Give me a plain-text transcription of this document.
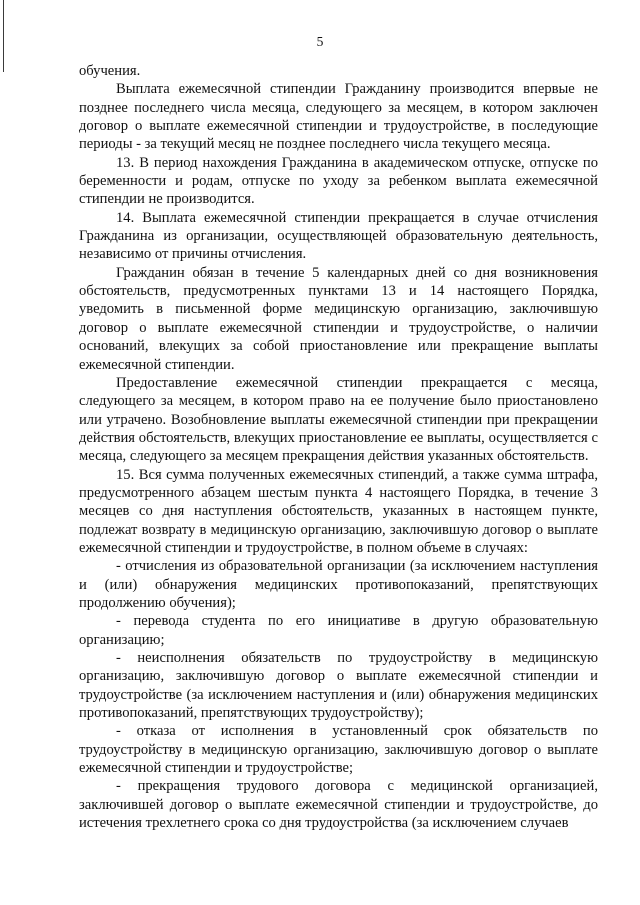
5

обучения.

Выплата ежемесячной стипендии Гражданину производится впервые не позднее последнего числа месяца, следующего за месяцем, в котором заключен договор о выплате ежемесячной стипендии и трудоустройстве, в последующие периоды - за текущий месяц не позднее последнего числа текущего месяца.

13. В период нахождения Гражданина в академическом отпуске, отпуске по беременности и родам, отпуске по уходу за ребенком выплата ежемесячной стипендии не производится.

14. Выплата ежемесячной стипендии прекращается в случае отчисления Гражданина из организации, осуществляющей образовательную деятельность, независимо от причины отчисления.

Гражданин обязан в течение 5 календарных дней со дня возникновения обстоятельств, предусмотренных пунктами 13 и 14 настоящего Порядка, уведомить в письменной форме медицинскую организацию, заключившую договор о выплате ежемесячной стипендии и трудоустройстве, о наличии оснований, влекущих за собой приостановление или прекращение выплаты ежемесячной стипендии.

Предоставление ежемесячной стипендии прекращается с месяца, следующего за месяцем, в котором право на ее получение было приостановлено или утрачено. Возобновление выплаты ежемесячной стипендии при прекращении действия обстоятельств, влекущих приостановление ее выплаты, осуществляется с месяца, следующего за месяцем прекращения действия указанных обстоятельств.

15. Вся сумма полученных ежемесячных стипендий, а также сумма штрафа, предусмотренного абзацем шестым пункта 4 настоящего Порядка, в течение 3 месяцев со дня наступления обстоятельств, указанных в настоящем пункте, подлежат возврату в медицинскую организацию, заключившую договор о выплате ежемесячной стипендии и трудоустройстве, в полном объеме в случаях:

- отчисления из образовательной организации (за исключением наступления и (или) обнаружения медицинских противопоказаний, препятствующих продолжению обучения);

- перевода студента по его инициативе в другую образовательную организацию;

- неисполнения обязательств по трудоустройству в медицинскую организацию, заключившую договор о выплате ежемесячной стипендии и трудоустройстве (за исключением наступления и (или) обнаружения медицинских противопоказаний, препятствующих трудоустройству);

- отказа от исполнения в установленный срок обязательств по трудоустройству в медицинскую организацию, заключившую договор о выплате ежемесячной стипендии и трудоустройстве;

- прекращения трудового договора с медицинской организацией, заключившей договор о выплате ежемесячной стипендии и трудоустройстве, до истечения трехлетнего срока со дня трудоустройства (за исключением случаев
